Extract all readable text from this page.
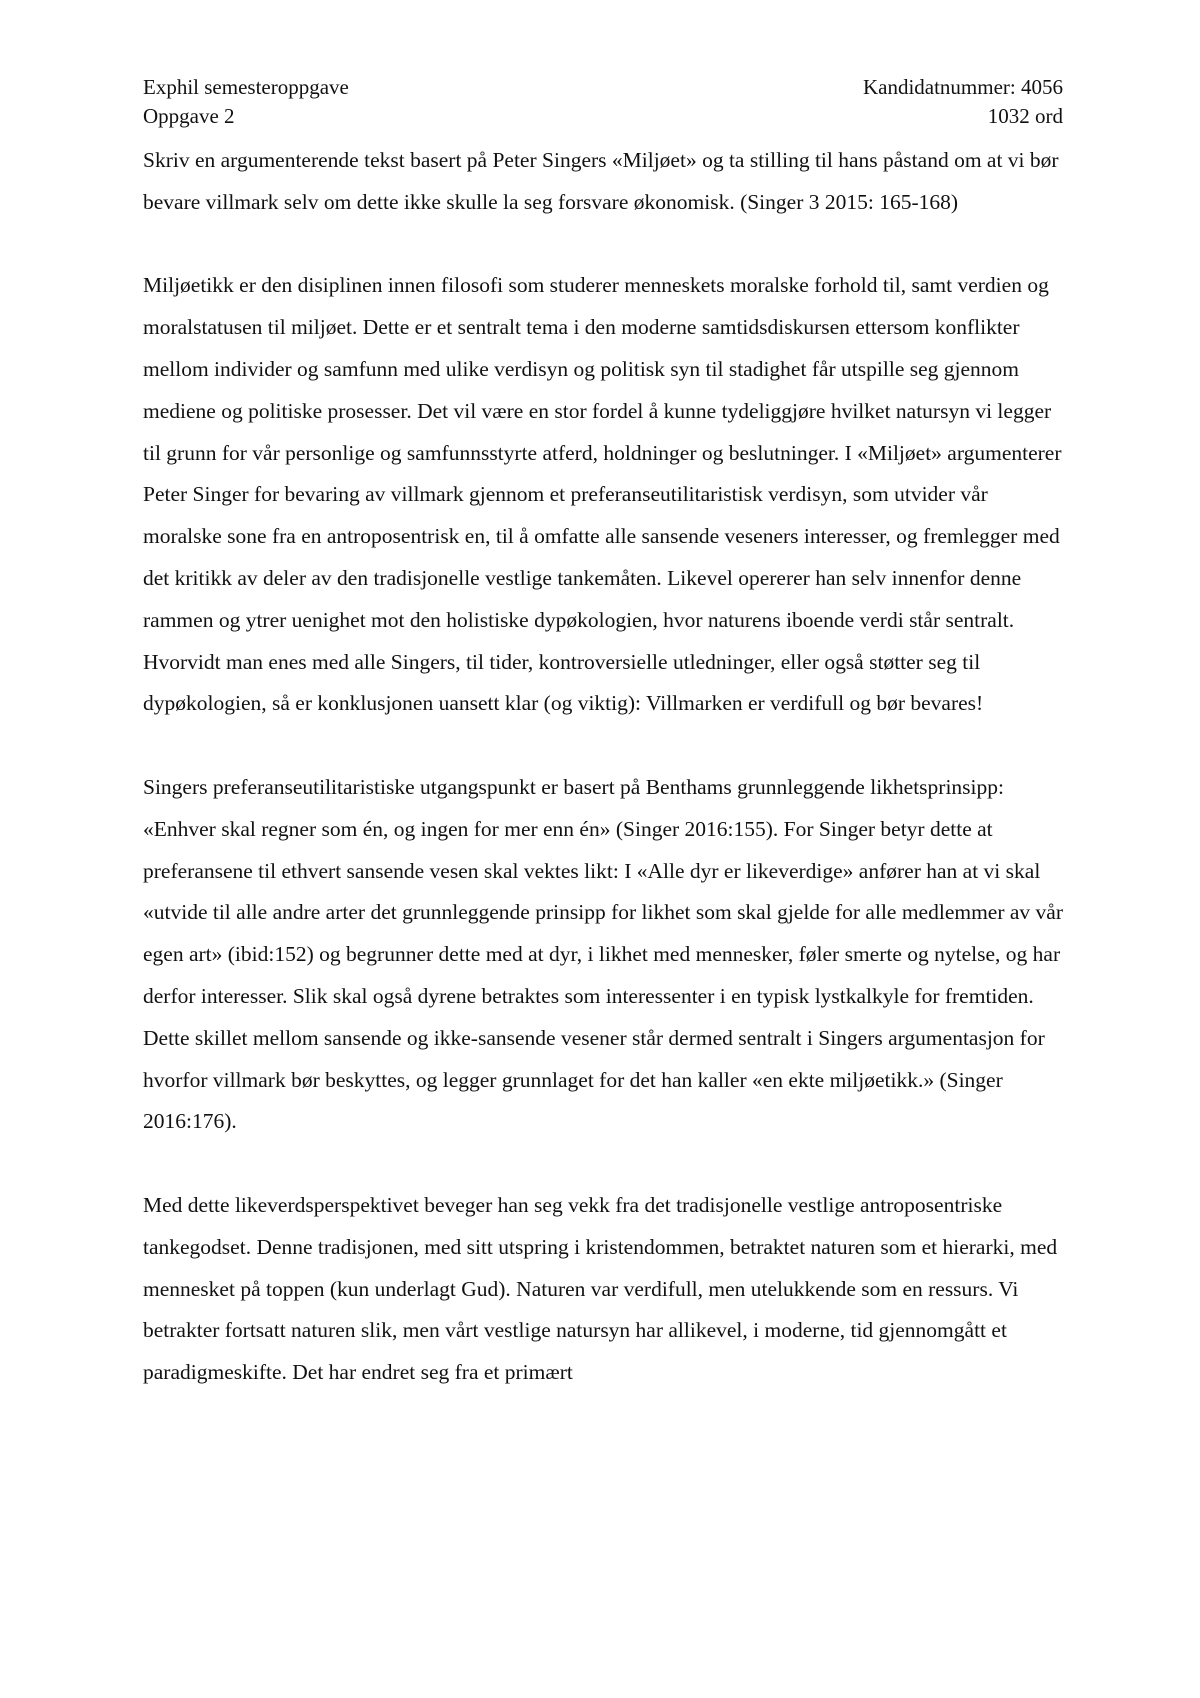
Exphil semesteroppgave	Kandidatnummer: 4056
Oppgave 2	1032 ord

Skriv en argumenterende tekst basert på Peter Singers «Miljøet» og ta stilling til hans påstand om at vi bør bevare villmark selv om dette ikke skulle la seg forsvare økonomisk. (Singer 3 2015: 165-168)

Miljøetikk er den disiplinen innen filosofi som studerer menneskets moralske forhold til, samt verdien og moralstatusen til miljøet. Dette er et sentralt tema i den moderne samtidsdiskursen ettersom konflikter mellom individer og samfunn med ulike verdisyn og politisk syn til stadighet får utspille seg gjennom mediene og politiske prosesser. Det vil være en stor fordel å kunne tydeliggjøre hvilket natursyn vi legger til grunn for vår personlige og samfunnsstyrte atferd, holdninger og beslutninger. I «Miljøet» argumenterer Peter Singer for bevaring av villmark gjennom et preferanseutilitaristisk verdisyn, som utvider vår moralske sone fra en antroposentrisk en, til å omfatte alle sansende veseners interesser, og fremlegger med det kritikk av deler av den tradisjonelle vestlige tankemåten. Likevel opererer han selv innenfor denne rammen og ytrer uenighet mot den holistiske dypøkologien, hvor naturens iboende verdi står sentralt. Hvorvidt man enes med alle Singers, til tider, kontroversielle utledninger, eller også støtter seg til dypøkologien, så er konklusjonen uansett klar (og viktig): Villmarken er verdifull og bør bevares!

Singers preferanseutilitaristiske utgangspunkt er basert på Benthams grunnleggende likhetsprinsipp: «Enhver skal regner som én, og ingen for mer enn én» (Singer 2016:155). For Singer betyr dette at preferansene til ethvert sansende vesen skal vektes likt: I «Alle dyr er likeverdige» anfører han at vi skal «utvide til alle andre arter det grunnleggende prinsipp for likhet som skal gjelde for alle medlemmer av vår egen art» (ibid:152) og begrunner dette med at dyr, i likhet med mennesker, føler smerte og nytelse, og har derfor interesser. Slik skal også dyrene betraktes som interessenter i en typisk lystkalkyle for fremtiden. Dette skillet mellom sansende og ikke-sansende vesener står dermed sentralt i Singers argumentasjon for hvorfor villmark bør beskyttes, og legger grunnlaget for det han kaller «en ekte miljøetikk.» (Singer 2016:176).

Med dette likeverdsperspektivet beveger han seg vekk fra det tradisjonelle vestlige antroposentriske tankegodset. Denne tradisjonen, med sitt utspring i kristendommen, betraktet naturen som et hierarki, med mennesket på toppen (kun underlagt Gud). Naturen var verdifull, men utelukkende som en ressurs. Vi betrakter fortsatt naturen slik, men vårt vestlige natursyn har allikevel, i moderne, tid gjennomgått et paradigmeskifte. Det har endret seg fra et primært
